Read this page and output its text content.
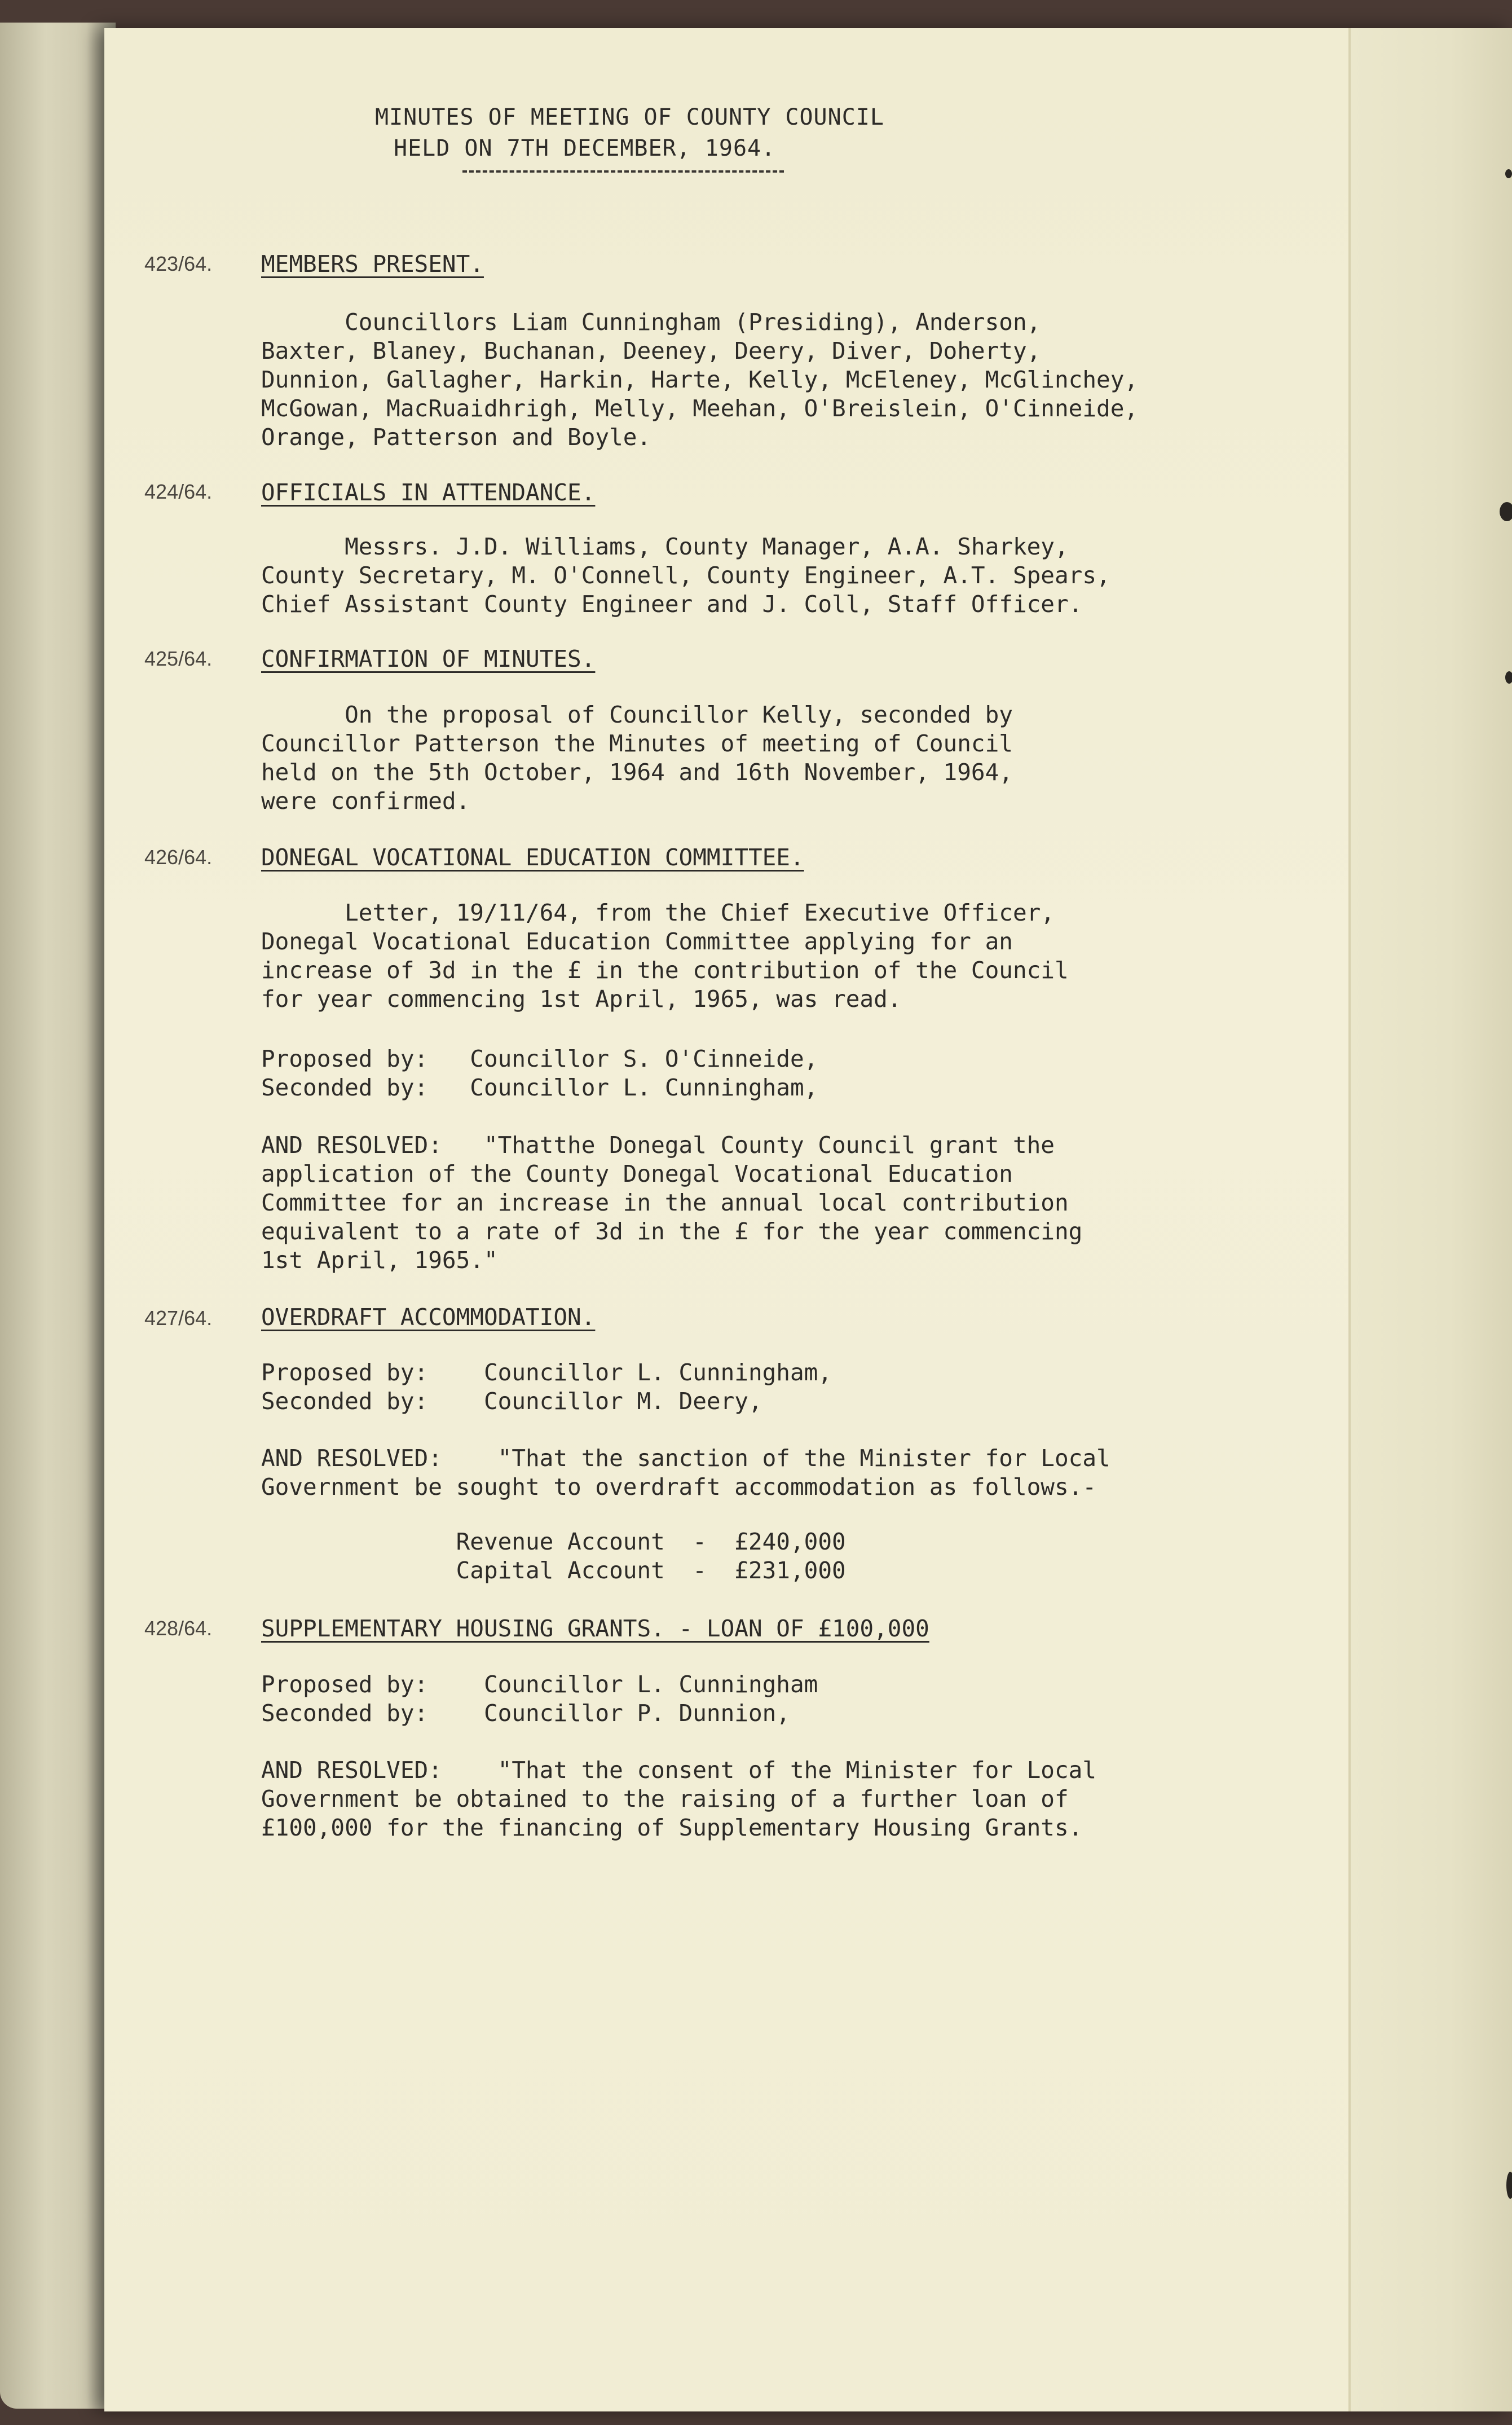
MINUTES OF MEETING OF COUNTY COUNCIL
HELD ON 7TH DECEMBER, 1964.
423/64.	MEMBERS PRESENT.
Councillors Liam Cunningham (Presiding), Anderson,
Baxter, Blaney, Buchanan, Deeney, Deery, Diver, Doherty,
Dunnion, Gallagher, Harkin, Harte, Kelly, McEleney, McGlinchey,
McGowan, MacRuaidhrigh, Melly, Meehan, O'Breislein, O'Cinneide,
Orange, Patterson and Boyle.
424/64.	OFFICIALS IN ATTENDANCE.
Messrs. J.D. Williams, County Manager, A.A. Sharkey,
County Secretary, M. O'Connell, County Engineer, A.T. Spears,
Chief Assistant County Engineer and J. Coll, Staff Officer.
425/64.	CONFIRMATION OF MINUTES.
On the proposal of Councillor Kelly, seconded by
Councillor Patterson the Minutes of meeting of Council
held on the 5th October, 1964 and 16th November, 1964,
were confirmed.
426/64.	DONEGAL VOCATIONAL EDUCATION COMMITTEE.
Letter, 19/11/64, from the Chief Executive Officer,
Donegal Vocational Education Committee applying for an
increase of 3d in the £ in the contribution of the Council
for year commencing 1st April, 1965, was read.
Proposed by:   Councillor S. O'Cinneide,
Seconded by:   Councillor L. Cunningham,
AND RESOLVED:   "Thatthe Donegal County Council grant the
application of the County Donegal Vocational Education
Committee for an increase in the annual local contribution
equivalent to a rate of 3d in the £ for the year commencing
1st April, 1965."
427/64.	OVERDRAFT ACCOMMODATION.
Proposed by:    Councillor L. Cunningham,
Seconded by:    Councillor M. Deery,
AND RESOLVED:    "That the sanction of the Minister for Local
Government be sought to overdraft accommodation as follows.-
Revenue Account  -  £240,000
Capital Account  -  £231,000
428/64.	SUPPLEMENTARY HOUSING GRANTS. - LOAN OF £100,000
Proposed by:    Councillor L. Cunningham
Seconded by:    Councillor P. Dunnion,
AND RESOLVED:    "That the consent of the Minister for Local
Government be obtained to the raising of a further loan of
£100,000 for the financing of Supplementary Housing Grants.
